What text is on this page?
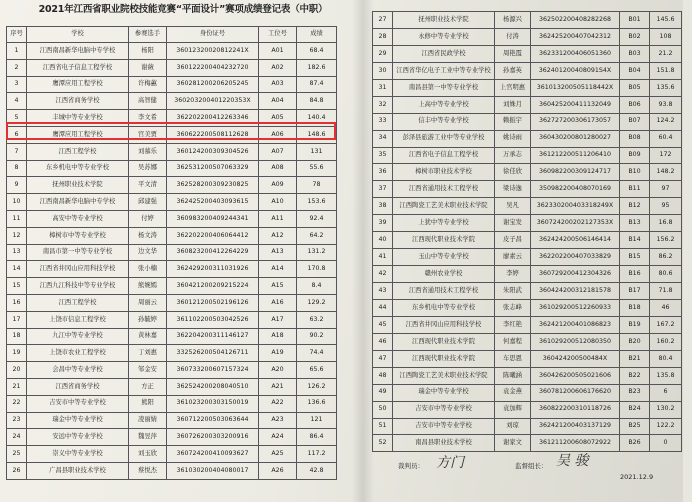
2021年江西省职业院校技能竞赛“平面设计”赛项成绩登记表（中职）
序号	学校	参赛选手	身份证号	工位号	成绩
1	江西南昌新华电脑中专学校	杨阳	36012320020812241X	A01	68.4
2	江西省电子信息工程学校	谢薇	360122200404232720	A02	182.6
3	鹰潭应用工程学校	许梅蕙	360281200206205245	A03	87.4
4	江西省商务学校	高智健	360203200401220353X	A04	84.8
5	丰城中等专业学校	李文希	362202200412263346	A05	140.4
6	鹰潭应用工程学校	官美贾	360622200508112628	A06	148.6
7	江西工程学校	刘慕乐	360124200309304526	A07	131
8	东乡机电中等专业学校	吴苏娜	362531200507063329	A08	55.6
9	抚州职业技术学院	平文清	362528200309230825	A09	78
10	江西南昌新华电脑中专学校	邱建强	362425200403093615	A10	153.6
11	高安中等专业学校	付婷	360983200409244341	A11	92.4
12	樟树市中等专业学校	杨文涛	362202200406064412	A12	64.2
13	南昌市第一中等专业学校	边文华	360823200412264229	A13	131.2
14	江西省井冈山应用科技学校	张小楠	362429200311031926	A14	170.8
15	江西九江科技中等专业学校	熊婉嫣	360421200209215224	A15	8.4
16	江西工程学校	周丽云	360121200502196126	A16	129.2
17	上饶市信息工程学校	孙毓婷	361102200503042526	A17	63.2
18	九江中等专业学校	黄林嘉	362204200311146127	A18	90.2
19	上饶市农业工程学校	丁刘惠	332526200504126711	A19	74.4
20	会昌中等专业学校	邹金安	360733200607157324	A20	65.6
21	江西省商务学校	方正	362524200208040510	A21	126.2
22	吉安市中等专业学校	熊阳	361023200303150019	A22	136.6
23	瑞金中等专业学校	凌丽婧	360712200503063644	A23	121
24	安远中等专业学校	魏昱萍	360726200303200916	A24	86.4
25	崇义中等专业学校	刘玉欣	360724200410093627	A25	117.2
26	广昌县职业技术学校	蔡悦杰	361030200404080017	A26	42.8
27	抚州职业技术学院	杨源兴	362502200408282268	B01	145.6
28	永修中等专业学校	付涛	362425200407042312	B02	108
29	江西省民政学校	周艳霞	362331200406051360	B03	21.2
30	江西省华亿电子工业中等专业学校	孙嘉英	362401200408091S4X	B04	151.8
31	南昌县第一中等专业学校	上官明惠	361013200505118442X	B05	135.6
32	上高中等专业学校	刘姝月	360425200411132049	B06	93.8
33	信丰中等专业学校	赖振宇	362727200306173057	B07	124.2
34	彭泽县旅游工业中等专业学校	姚诗雨	360430200801280027	B08	60.4
35	江西省电子信息工程学校	万承志	361212200511206410	B09	172
36	樟树市职业技术学校	徐佳欣	360982200309124717	B10	148.2
37	江西省通用技术工程学校	梁诗逸	350982200408070169	B11	97
38	江西陶瓷工艺美术职业技术学院	吴凡	362330200403318249X	B12	95
39	上犹中等专业学校	谢宝发	360724200202127353X	B13	16.8
40	江西现代职业技术学院	皮子昌	362424200506146414	B14	156.2
41	玉山中等专业学校	廖素云	362202200407033829	B15	86.2
42	赣州农业学校	李婷	360729200412304326	B16	80.6
43	江西省通用技术工程学校	朱阳武	360424200312181578	B17	71.8
44	东乡机电中等专业学校	张志峰	361029200512260933	B18	46
45	江西省井冈山应用科技学校	李红艳	362421200401086823	B19	167.2
46	江西现代职业技术学院	何嘉程	361029200512080350	B20	160.2
47	江西现代职业技术学院	车思恩	360424200500484X	B21	80.4
48	江西陶瓷工艺美术职业技术学院	陈曦涵	360426200505021606	B22	135.8
49	瑞金中等专业学校	袁金燕	360781200606176620	B23	6
50	吉安市中等专业学校	袁加辉	360822200310118726	B24	130.2
51	吉安市中等专业学校	刘琼	362421200403137129	B25	122.2
52	南昌县职业技术学校	谢家文	361211200608072922	B26	0
裁判员： 方门	监督组长： 吴 骏
2021.12.9
